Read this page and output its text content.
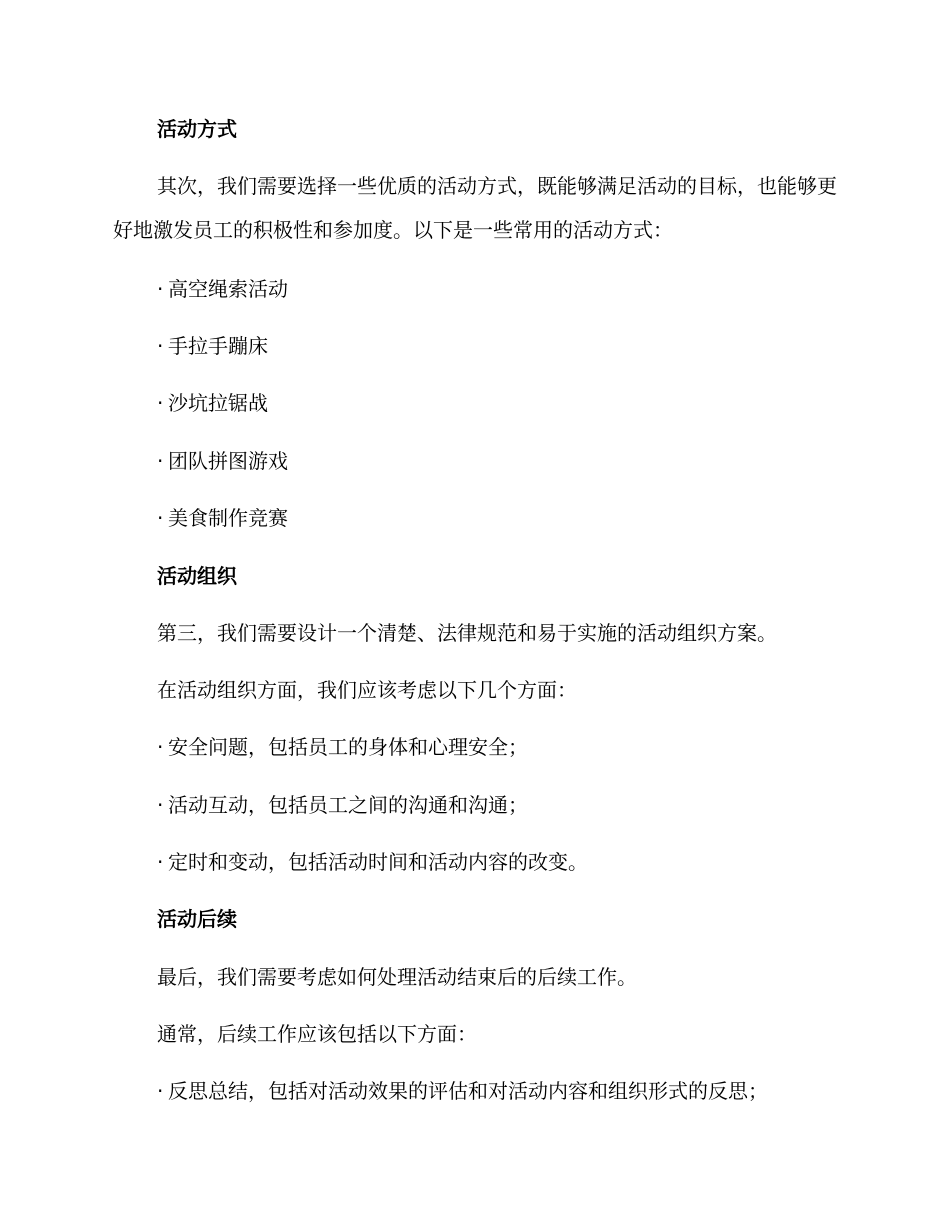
活动方式

其次，我们需要选择一些优质的活动方式，既能够满足活动的目标，也能够更好地激发员工的积极性和参加度。以下是一些常用的活动方式：

· 高空绳索活动

· 手拉手蹦床

· 沙坑拉锯战

· 团队拼图游戏

· 美食制作竞赛

活动组织

第三，我们需要设计一个清楚、法律规范和易于实施的活动组织方案。

在活动组织方面，我们应该考虑以下几个方面：

· 安全问题，包括员工的身体和心理安全；

· 活动互动，包括员工之间的沟通和沟通；

· 定时和变动，包括活动时间和活动内容的改变。

活动后续

最后，我们需要考虑如何处理活动结束后的后续工作。

通常，后续工作应该包括以下方面：

· 反思总结，包括对活动效果的评估和对活动内容和组织形式的反思；
